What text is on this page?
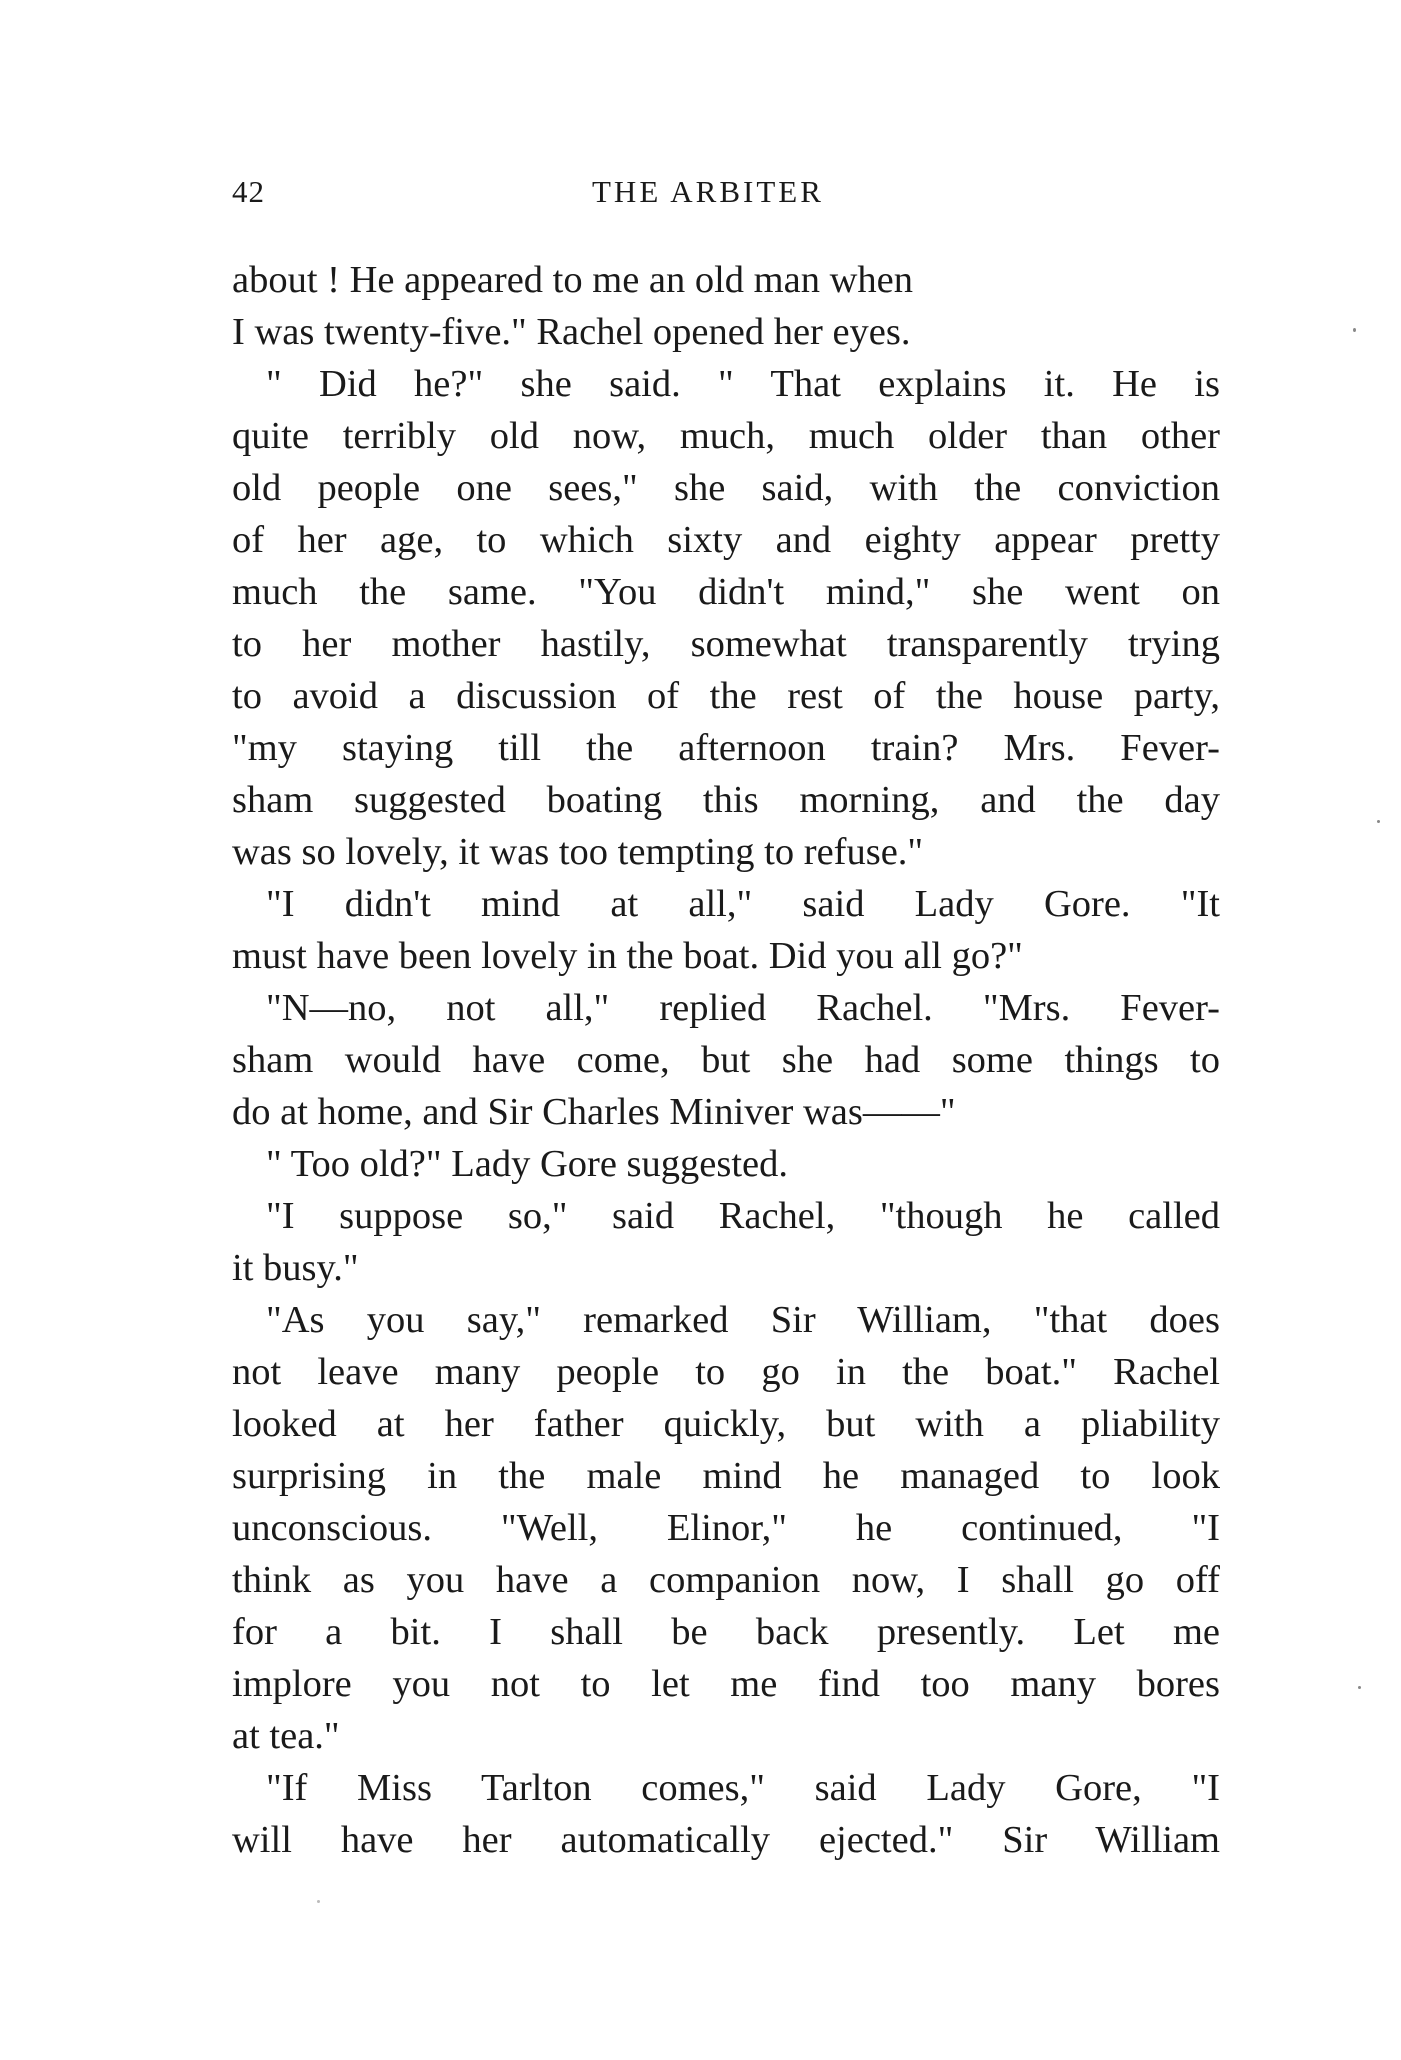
42	THE ARBITER
about ! He appeared to me an old man when
I was twenty-five." Rachel opened her eyes.
" Did he?" she said. " That explains it. He is
quite terribly old now, much, much older than other
old people one sees," she said, with the conviction
of her age, to which sixty and eighty appear pretty
much the same. "You didn't mind," she went on
to her mother hastily, somewhat transparently trying
to avoid a discussion of the rest of the house party,
"my staying till the afternoon train? Mrs. Fever-
sham suggested boating this morning, and the day
was so lovely, it was too tempting to refuse."
"I didn't mind at all," said Lady Gore. "It
must have been lovely in the boat. Did you all go?"
"N—no, not all," replied Rachel. "Mrs. Fever-
sham would have come, but she had some things to
do at home, and Sir Charles Miniver was——"
" Too old?" Lady Gore suggested.
"I suppose so," said Rachel, "though he called
it busy."
"As you say," remarked Sir William, "that does
not leave many people to go in the boat." Rachel
looked at her father quickly, but with a pliability
surprising in the male mind he managed to look
unconscious. "Well, Elinor," he continued, "I
think as you have a companion now, I shall go off
for a bit. I shall be back presently. Let me
implore you not to let me find too many bores
at tea."
"If Miss Tarlton comes," said Lady Gore, "I
will have her automatically ejected." Sir William
